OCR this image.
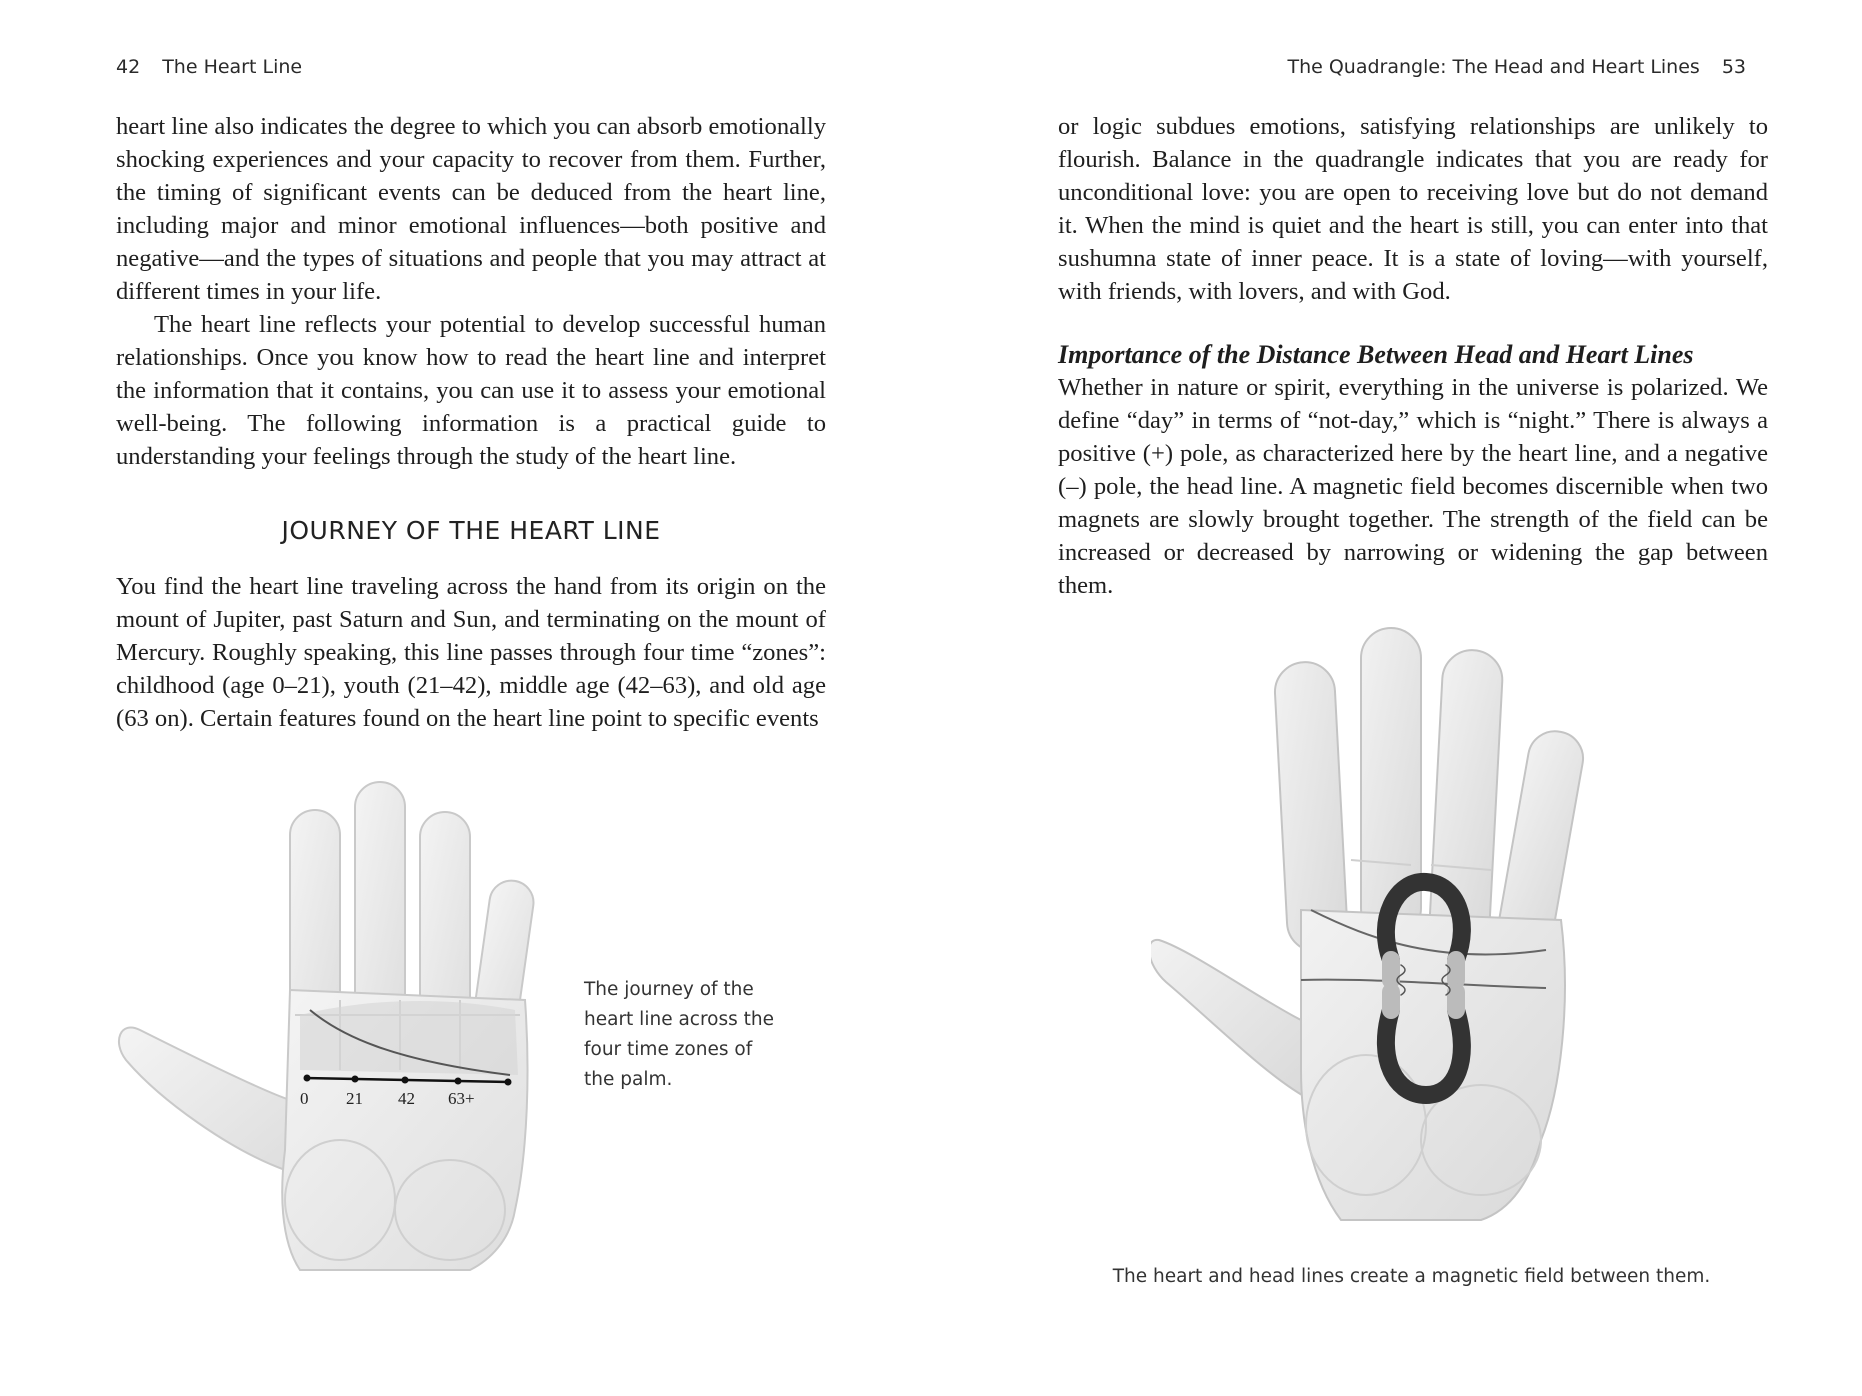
42 The Heart Line

heart line also indicates the degree to which you can absorb emotionally shocking experiences and your capacity to recover from them. Further, the timing of significant events can be deduced from the heart line, including major and minor emotional influences—both positive and negative—and the types of situations and people that you may attract at different times in your life.

The heart line reflects your potential to develop successful human relationships. Once you know how to read the heart line and interpret the information that it contains, you can use it to assess your emotional well-being. The following information is a practical guide to understanding your feelings through the study of the heart line.

JOURNEY OF THE HEART LINE

You find the heart line traveling across the hand from its origin on the mount of Jupiter, past Saturn and Sun, and terminating on the mount of Mercury. Roughly speaking, this line passes through four time “zones”: childhood (age 0–21), youth (21–42), middle age (42–63), and old age (63 on). Certain features found on the heart line point to specific events

0 21 42 63+
The journey of the heart line across the four time zones of the palm.
The Quadrangle: The Head and Heart Lines 53

or logic subdues emotions, satisfying relationships are unlikely to flourish. Balance in the quadrangle indicates that you are ready for unconditional love: you are open to receiving love but do not demand it. When the mind is quiet and the heart is still, you can enter into that sushumna state of inner peace. It is a state of loving—with yourself, with friends, with lovers, and with God.

Importance of the Distance Between Head and Heart Lines

Whether in nature or spirit, everything in the universe is polarized. We define “day” in terms of “not-day,” which is “night.” There is always a positive (+) pole, as characterized here by the heart line, and a negative (–) pole, the head line. A magnetic field becomes discernible when two magnets are slowly brought together. The strength of the field can be increased or decreased by narrowing or widening the gap between them.

The heart and head lines create a magnetic field between them.
